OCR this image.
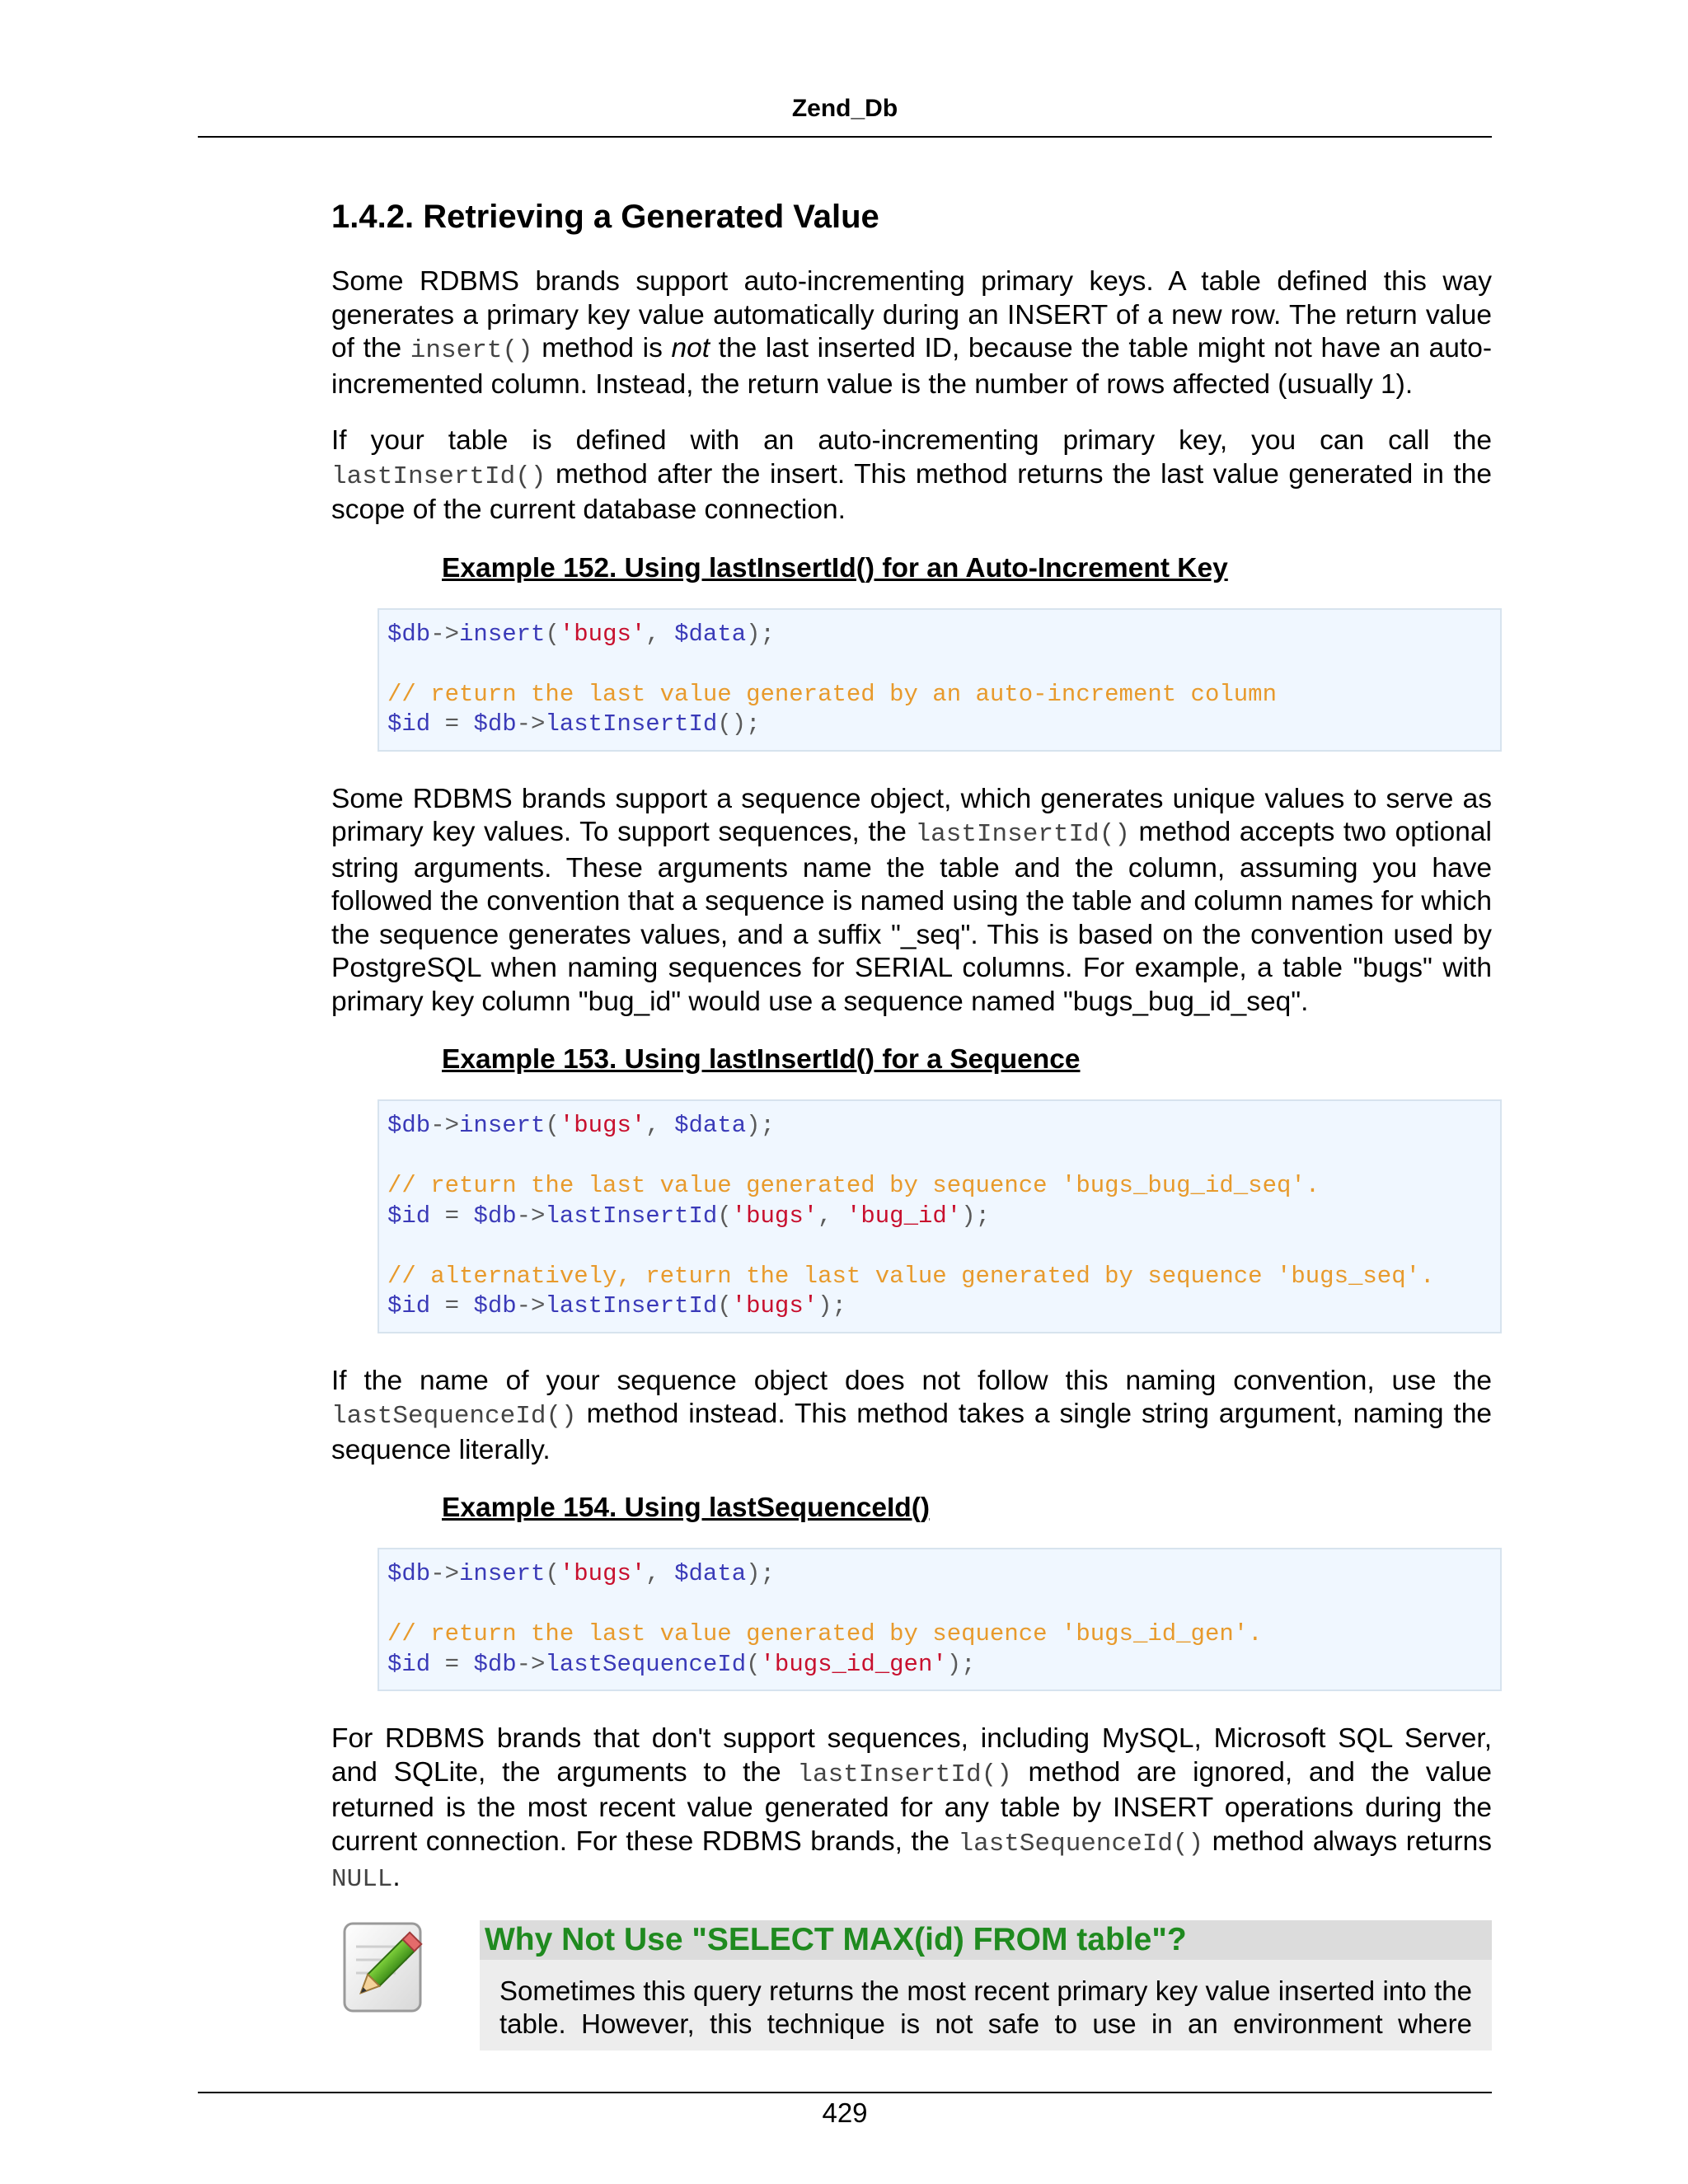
Zend_Db
1.4.2. Retrieving a Generated Value

Some RDBMS brands support auto-incrementing primary keys. A table defined this way generates a primary key value automatically during an INSERT of a new row. The return value of the insert() method is not the last inserted ID, because the table might not have an auto-incremented column. Instead, the return value is the number of rows affected (usually 1).

If your table is defined with an auto-incrementing primary key, you can call the lastInsertId() method after the insert. This method returns the last value generated in the scope of the current database connection.

Example 152. Using lastInsertId() for an Auto-Increment Key
$db->insert('bugs', $data);
// return the last value generated by an auto-increment column
$id = $db->lastInsertId();

Some RDBMS brands support a sequence object, which generates unique values to serve as primary key values. To support sequences, the lastInsertId() method accepts two optional string arguments. These arguments name the table and the column, assuming you have followed the convention that a sequence is named using the table and column names for which the sequence generates values, and a suffix "_seq". This is based on the convention used by PostgreSQL when naming sequences for SERIAL columns. For example, a table "bugs" with primary key column "bug_id" would use a sequence named "bugs_bug_id_seq".

Example 153. Using lastInsertId() for a Sequence
$db->insert('bugs', $data);
// return the last value generated by sequence 'bugs_bug_id_seq'.
$id = $db->lastInsertId('bugs', 'bug_id');
// alternatively, return the last value generated by sequence 'bugs_seq'.
$id = $db->lastInsertId('bugs');

If the name of your sequence object does not follow this naming convention, use the lastSequenceId() method instead. This method takes a single string argument, naming the sequence literally.

Example 154. Using lastSequenceId()
$db->insert('bugs', $data);
// return the last value generated by sequence 'bugs_id_gen'.
$id = $db->lastSequenceId('bugs_id_gen');

For RDBMS brands that don't support sequences, including MySQL, Microsoft SQL Server, and SQLite, the arguments to the lastInsertId() method are ignored, and the value returned is the most recent value generated for any table by INSERT operations during the current connection. For these RDBMS brands, the lastSequenceId() method always returns NULL.

Why Not Use "SELECT MAX(id) FROM table"?
Sometimes this query returns the most recent primary key value inserted into the table. However, this technique is not safe to use in an environment where
429
